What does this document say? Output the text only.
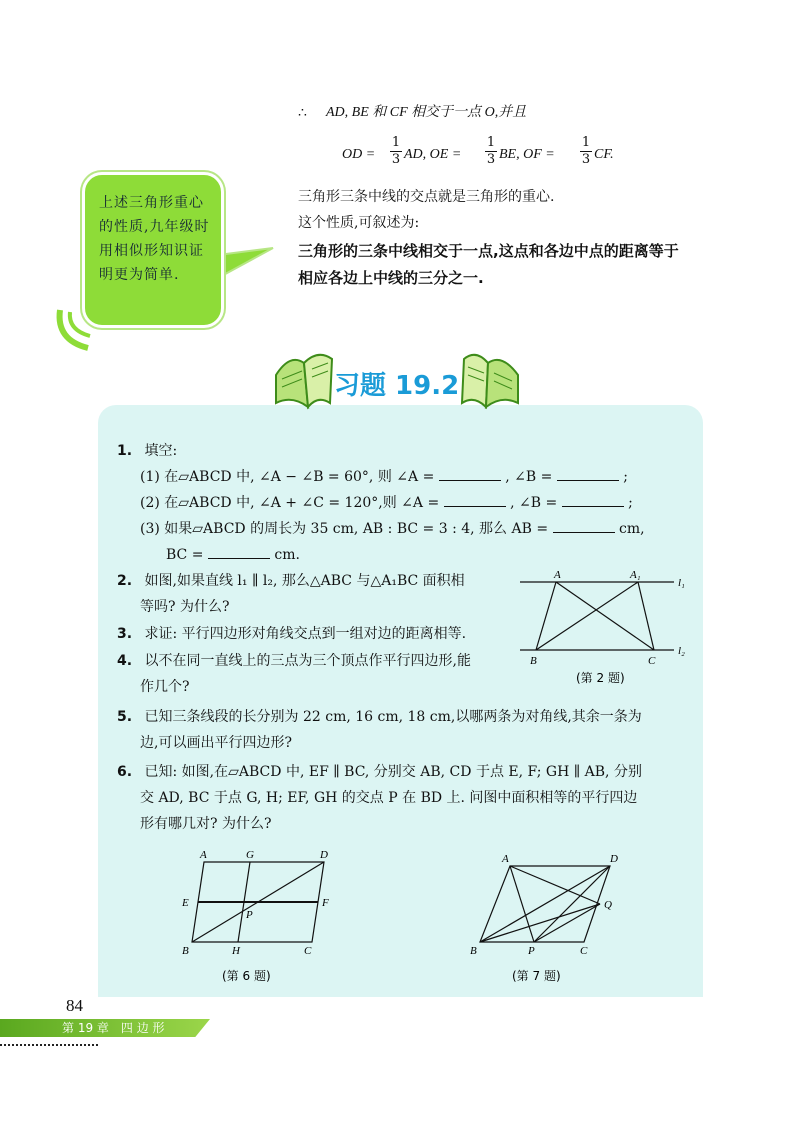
∴ AD, BE 和 CF 相交于一点 O,并且
OD = $\frac{1}{3}$ AD, OE = $\frac{1}{3}$ BE, OF = $\frac{1}{3}$ CF.
三角形三条中线的交点就是三角形的重心.
这个性质,可叙述为:
三角形的三条中线相交于一点,这点和各边中点的距离等于
相应各边上中线的三分之一.
上述三角形重心的性质,九年级时用相似形知识证明更为简单.
习题 19.2
1. 填空:
(1) 在▱ABCD 中, ∠A − ∠B = 60°, 则 ∠A =	, ∠B =	;
(2) 在▱ABCD 中, ∠A + ∠C = 120°,则 ∠A =	, ∠B =	;
(3) 如果▱ABCD 的周长为 35 cm, AB : BC = 3 : 4, 那么 AB =	cm,
BC =	cm.
2. 如图,如果直线 l₁ ∥ l₂, 那么△ABC 与△A₁BC 面积相
等吗? 为什么?
3. 求证: 平行四边形对角线交点到一组对边的距离相等.
4. 以不在同一直线上的三点为三个顶点作平行四边形,能
作几个?
A	A₁
l₁
l₂
B	C
(第 2 题)
5. 已知三条线段的长分别为 22 cm, 16 cm, 18 cm,以哪两条为对角线,其余一条为
边,可以画出平行四边形?
6. 已知: 如图,在▱ABCD 中, EF ∥ BC, 分别交 AB, CD 于点 E, F; GH ∥ AB, 分别
交 AD, BC 于点 G, H; EF, GH 的交点 P 在 BD 上. 问图中面积相等的平行四边
形有哪几对? 为什么?
A	G	D
E	F
P
B	H	C
(第 6 题)
A	D
Q
B	P	C
(第 7 题)
84
第 19 章　四 边 形
